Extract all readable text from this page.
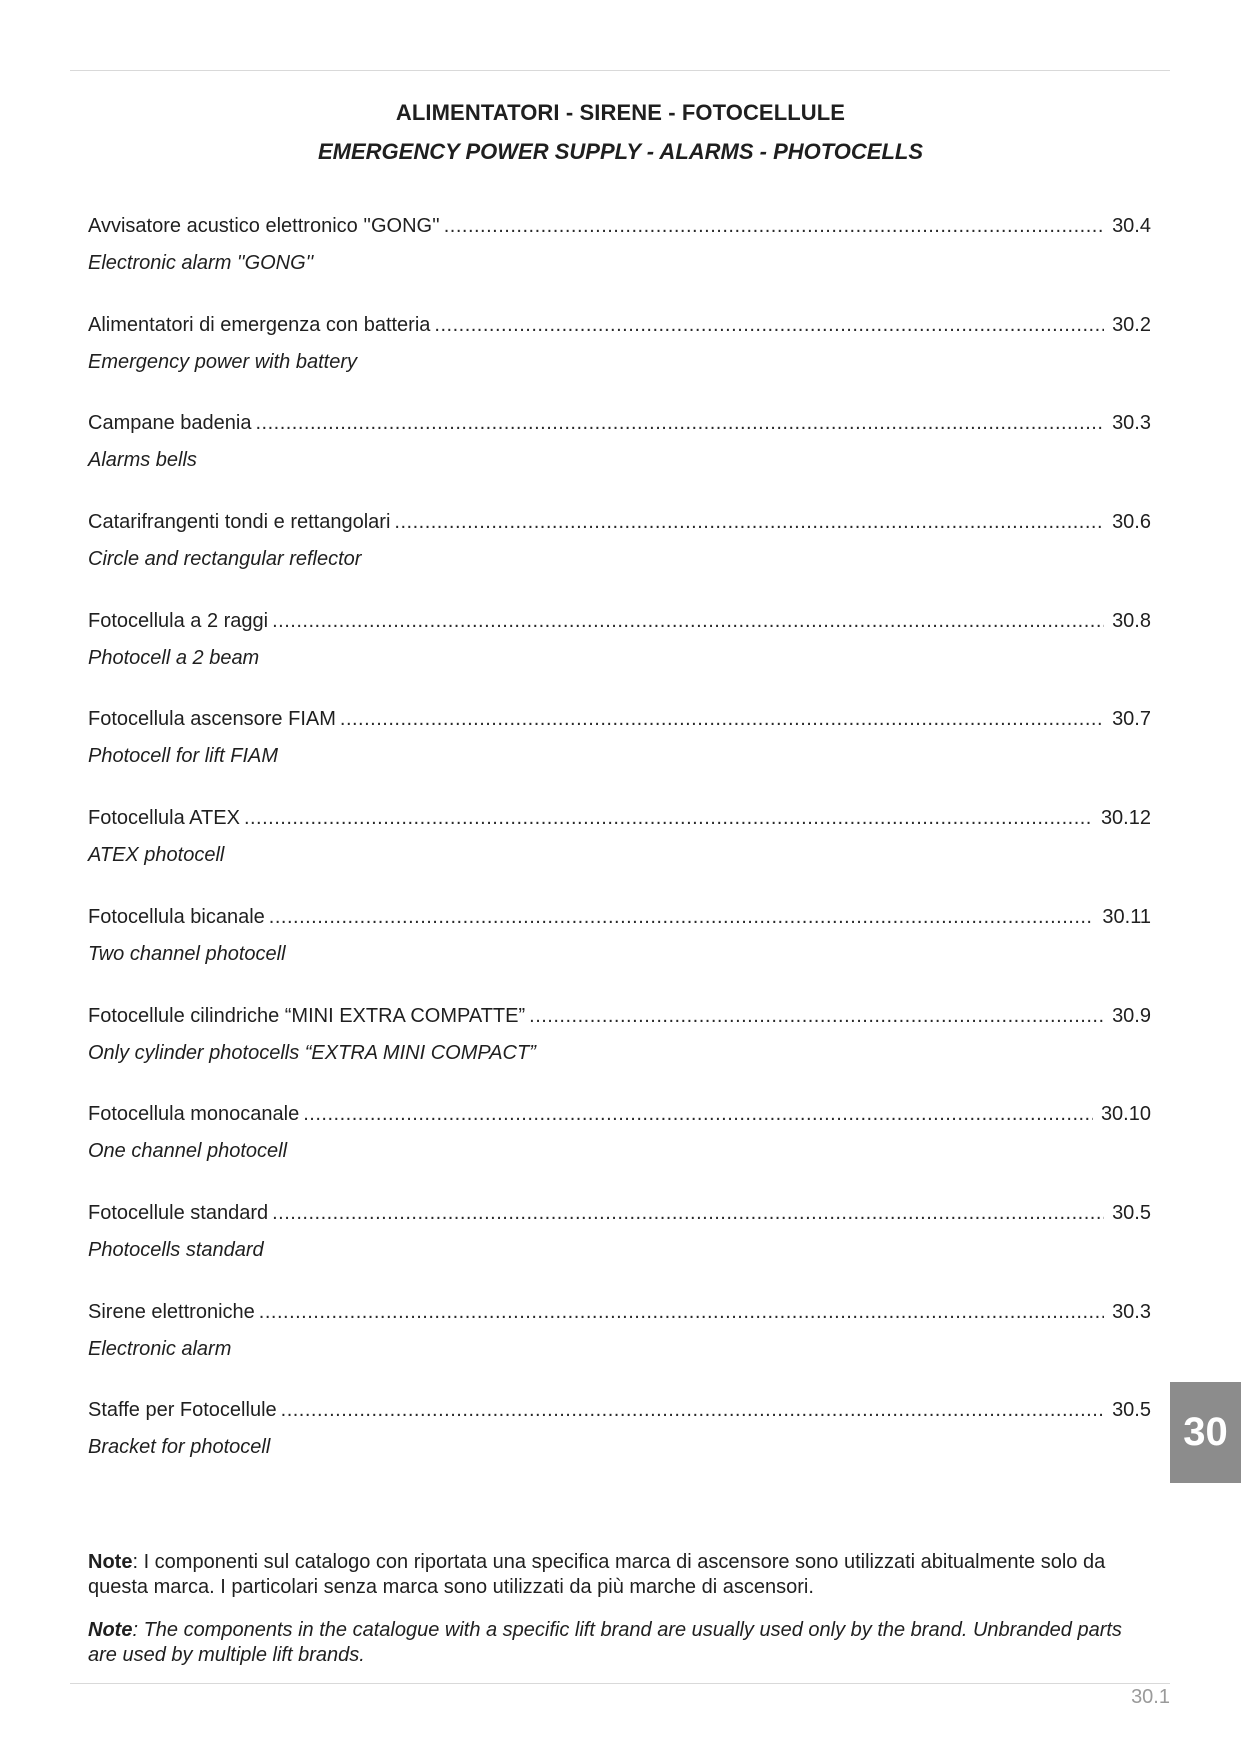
ALIMENTATORI - SIRENE - FOTOCELLULE
EMERGENCY POWER SUPPLY - ALARMS - PHOTOCELLS
Avvisatore acustico elettronico ''GONG'' .....	30.4
Electronic alarm ''GONG''
Alimentatori di emergenza con batteria .....	30.2
Emergency power with battery
Campane badenia .....	30.3
Alarms bells
Catarifrangenti tondi e rettangolari .....	30.6
Circle and rectangular reflector
Fotocellula a 2 raggi .....	30.8
Photocell a 2 beam
Fotocellula ascensore FIAM .....	30.7
Photocell for lift FIAM
Fotocellula ATEX .....	30.12
ATEX photocell
Fotocellula bicanale .....	30.11
Two channel photocell
Fotocellule cilindriche “MINI EXTRA COMPATTE” .....	30.9
Only cylinder photocells “EXTRA MINI COMPACT”
Fotocellula monocanale .....	30.10
One channel photocell
Fotocellule standard .....	30.5
Photocells standard
Sirene elettroniche .....	30.3
Electronic alarm
Staffe per Fotocellule .....	30.5
Bracket for photocell	30

Note: I componenti sul catalogo con riportata una specifica marca di ascensore sono utilizzati abitualmente solo da questa marca. I particolari senza marca sono utilizzati da più marche di ascensori.

Note: The components in the catalogue with a specific lift brand are usually used only by the brand. Unbranded parts are used by multiple lift brands.

30.1
